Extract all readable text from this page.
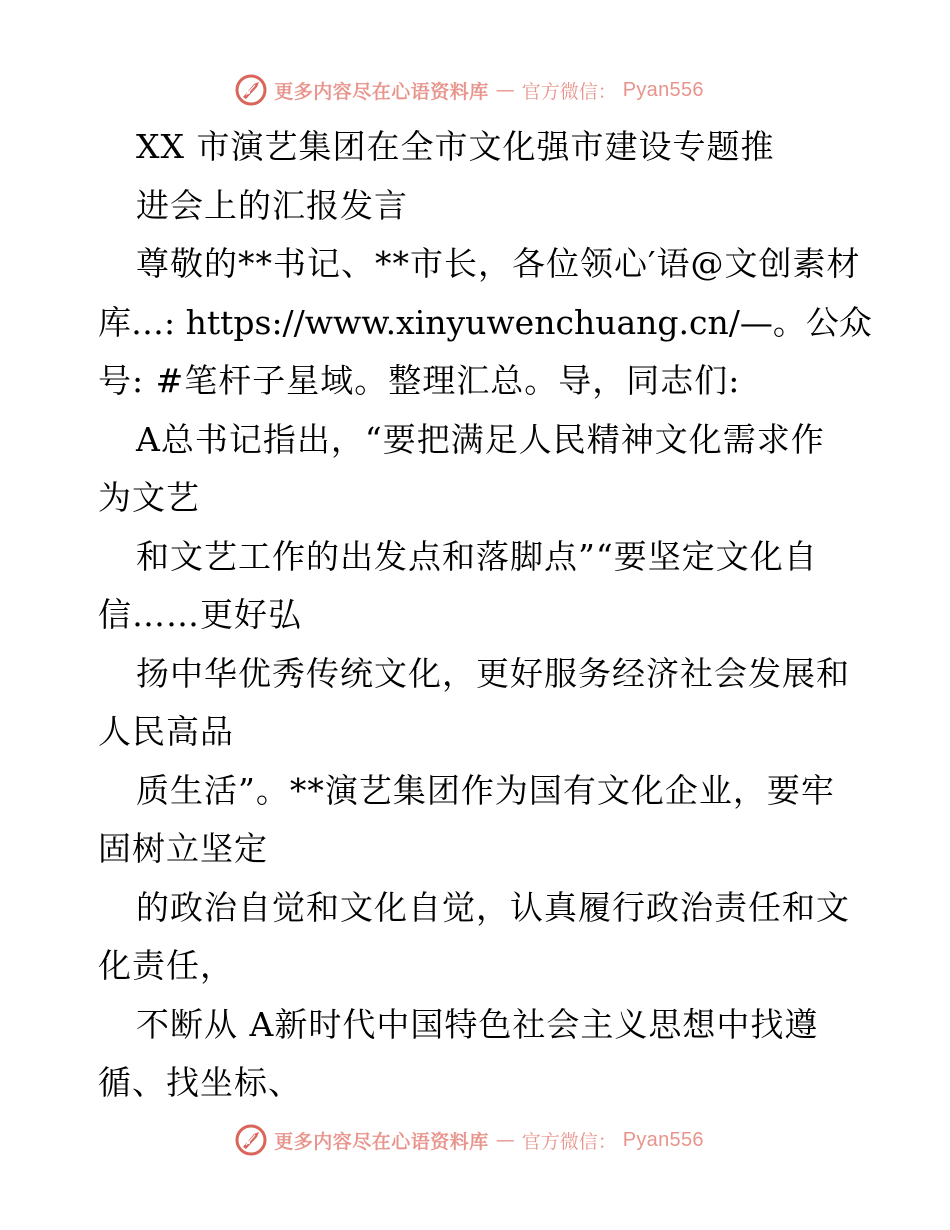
更多内容尽在心语资料库 — 官方微信： Pyan556
XX 市演艺集团在全市文化强市建设专题推
进会上的汇报发言
尊敬的**书记、**市长，各位领心′语@文创素材
库…: https://www.xinyuwenchuang.cn/—。公众
号: #笔杆子星域。整理汇总。导，同志们:
A总书记指出，“要把满足人民精神文化需求作
为文艺
和文艺工作的出发点和落脚点”“要坚定文化自
信……更好弘
扬中华优秀传统文化，更好服务经济社会发展和
人民高品
质生活”。**演艺集团作为国有文化企业，要牢
固树立坚定
的政治自觉和文化自觉，认真履行政治责任和文
化责任，
不断从 A新时代中国特色社会主义思想中找遵
循、找坐标、
更多内容尽在心语资料库 — 官方微信： Pyan556
